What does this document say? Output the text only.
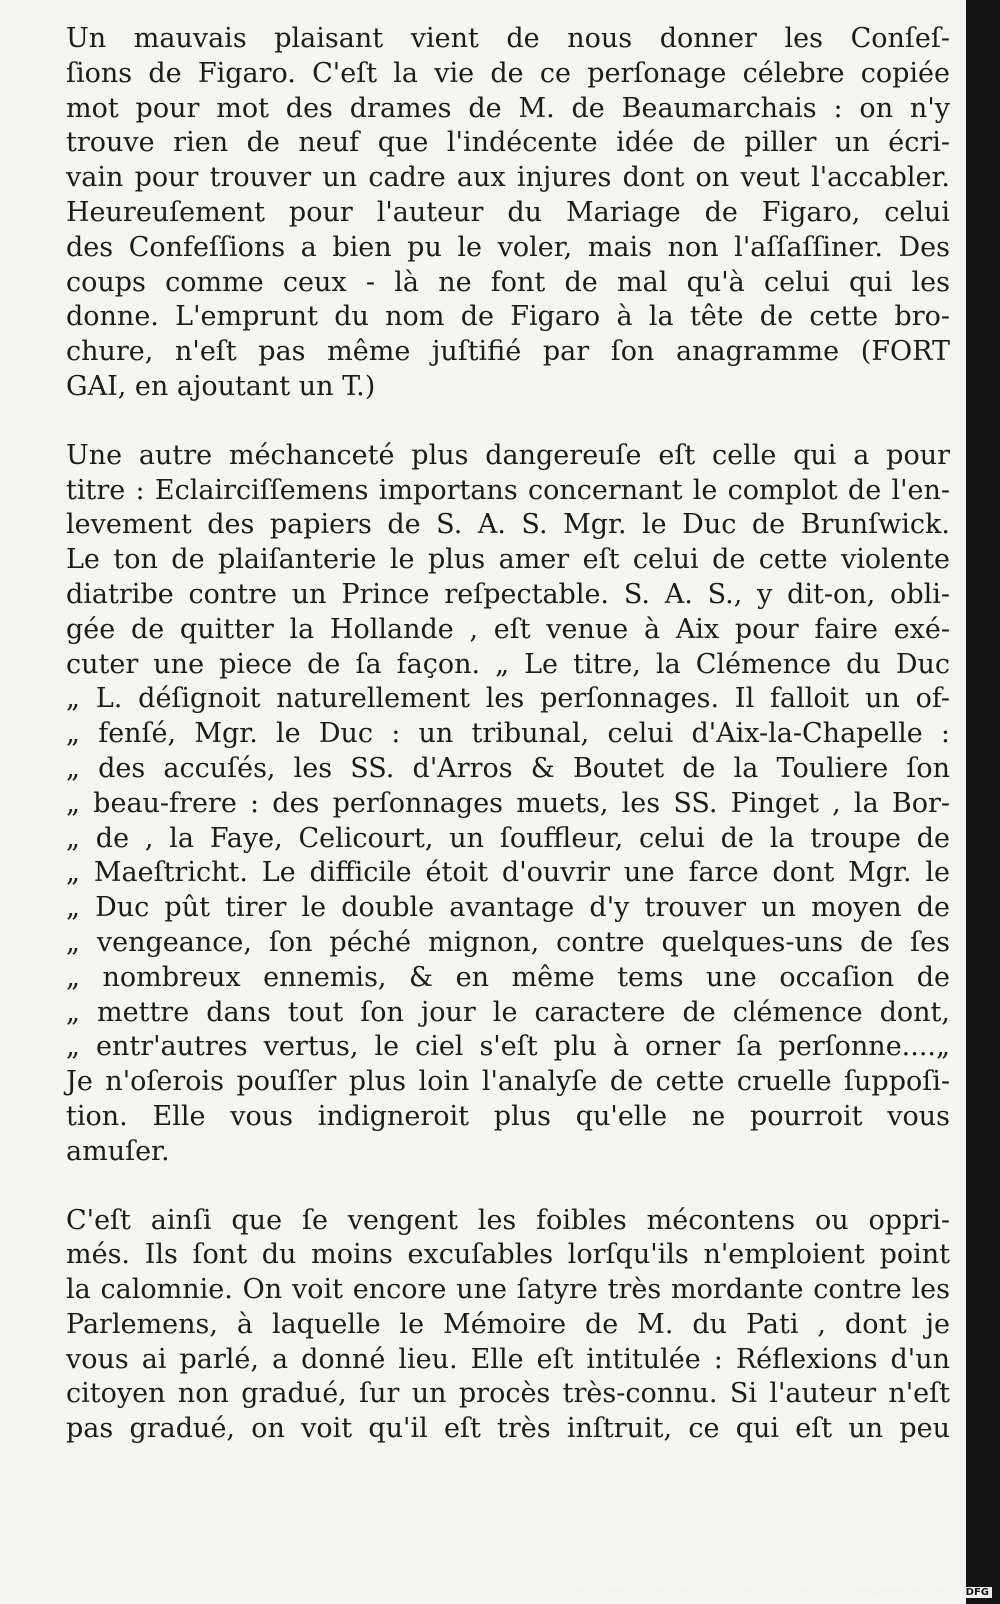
Un mauvais plaisant vient de nous donner les Conſeſ-
ſions de Figaro. C'eſt la vie de ce perſonage célebre copiée
mot pour mot des drames de M. de Beaumarchais : on n'y
trouve rien de neuf que l'indécente idée de piller un écri-
vain pour trouver un cadre aux injures dont on veut l'accabler.
Heureuſement pour l'auteur du Mariage de Figaro, celui
des Confeſſions a bien pu le voler, mais non l'aſſaſſiner. Des
coups comme ceux - là ne font de mal qu'à celui qui les
donne. L'emprunt du nom de Figaro à la tête de cette bro-
chure, n'eſt pas même juſtifié par ſon anagramme (FORT
GAI, en ajoutant un T.)
Une autre méchanceté plus dangereuſe eſt celle qui a pour
titre : Eclairciſſemens importans concernant le complot de l'en-
levement des papiers de S. A. S. Mgr. le Duc de Brunſwick.
Le ton de plaiſanterie le plus amer eſt celui de cette violente
diatribe contre un Prince reſpectable. S. A. S., y dit-on, obli-
gée de quitter la Hollande , eſt venue à Aix pour faire exé-
cuter une piece de ſa façon. „ Le titre, la Clémence du Duc
„ L. déſignoit naturellement les perſonnages. Il falloit un of-
„ fenſé, Mgr. le Duc : un tribunal, celui d'Aix-la-Chapelle :
„ des accuſés, les SS. d'Arros & Boutet de la Touliere ſon
„ beau-frere : des perſonnages muets, les SS. Pinget , la Bor-
„ de , la Faye, Celicourt, un ſouffleur, celui de la troupe de
„ Maeſtricht. Le difficile étoit d'ouvrir une farce dont Mgr. le
„ Duc pût tirer le double avantage d'y trouver un moyen de
„ vengeance, ſon péché mignon, contre quelques-uns de ſes
„ nombreux ennemis, & en même tems une occaſion de
„ mettre dans tout ſon jour le caractere de clémence dont,
„ entr'autres vertus, le ciel s'eſt plu à orner ſa perſonne....„
Je n'oſerois pouſſer plus loin l'analyſe de cette cruelle ſuppoſi-
tion. Elle vous indigneroit plus qu'elle ne pourroit vous
amuſer.
C'eſt ainſi que ſe vengent les foibles mécontens ou oppri-
més. Ils ſont du moins excuſables lorſqu'ils n'emploient point
la calomnie. On voit encore une ſatyre très mordante contre les
Parlemens, à laquelle le Mémoire de M. du Pati , dont je
vous ai parlé, a donné lieu. Elle eſt intitulée : Réflexions d'un
citoyen non gradué, ſur un procès très-connu. Si l'auteur n'eſt
pas gradué, on voit qu'il eſt très inſtruit, ce qui eſt un peu
Digitalisierung gefördert durch die Deutsche Forschungsgemeinschaft · DFG
